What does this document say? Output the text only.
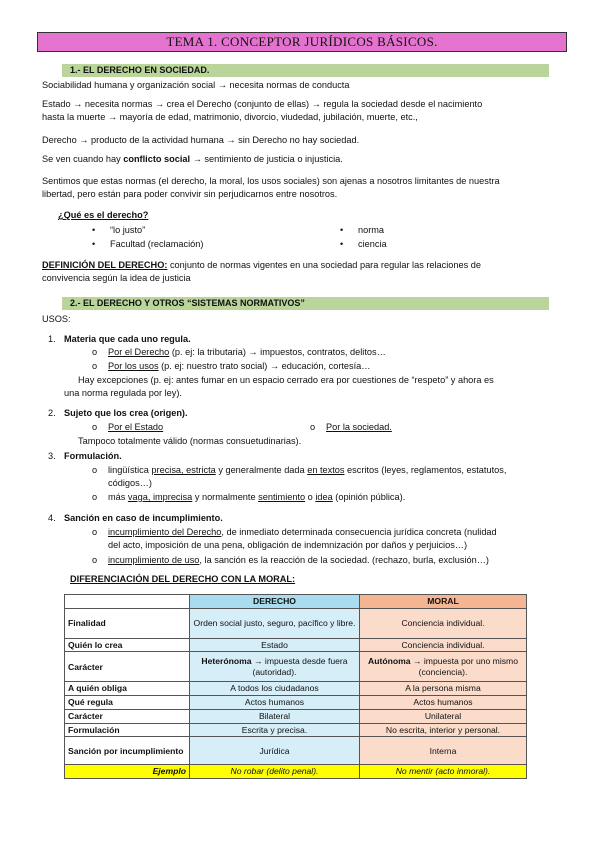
TEMA 1. CONCEPTOR JURÍDICOS BÁSICOS.
1.- EL DERECHO EN SOCIEDAD.
Sociabilidad humana y organización social → necesita normas de conducta
Estado → necesita normas → crea el Derecho (conjunto de ellas) → regula la sociedad desde el nacimiento
hasta la muerte → mayoría de edad, matrimonio, divorcio, viudedad, jubilación, muerte, etc.,
Derecho → producto de la actividad humana → sin Derecho no hay sociedad.
Se ven cuando hay conflicto social → sentimiento de justicia o injusticia.
Sentimos que estas normas (el derecho, la moral, los usos sociales) son ajenas a nosotros limitantes de nuestra
libertad, pero están para poder convivir sin perjudicarnos entre nosotros.
¿Qué es el derecho?
• “lo justo”
• Facultad (reclamación)
• norma
• ciencia
DEFINICIÓN DEL DERECHO: conjunto de normas vigentes en una sociedad para regular las relaciones de
convivencia según la idea de justicia
2.- EL DERECHO Y OTROS “SISTEMAS NORMATIVOS”
USOS:
1. Materia que cada uno regula.
o Por el Derecho (p. ej: la tributaria) → impuestos, contratos, delitos…
o Por los usos (p. ej: nuestro trato social) → educación, cortesía…
Hay excepciones (p. ej: antes fumar en un espacio cerrado era por cuestiones de “respeto” y ahora es
una norma regulada por ley).
2. Sujeto que los crea (origen).
o Por el Estado	o Por la sociedad.
Tampoco totalmente válido (normas consuetudinarias).
3. Formulación.
o lingüística precisa, estricta y generalmente dada en textos escritos (leyes, reglamentos, estatutos,
códigos…)
o más vaga, imprecisa y normalmente sentimiento o idea (opinión pública).
4. Sanción en caso de incumplimiento.
o incumplimiento del Derecho, de inmediato determinada consecuencia jurídica concreta (nulidad
del acto, imposición de una pena, obligación de indemnización por daños y perjuicios…)
o incumplimiento de uso, la sanción es la reacción de la sociedad. (rechazo, burla, exclusión…)
DIFERENCIACIÓN DEL DERECHO CON LA MORAL:
	DERECHO	MORAL
Finalidad	Orden social justo, seguro, pacífico y libre.	Conciencia individual.
Quién lo crea	Estado	Conciencia individual.
Carácter	Heterónoma → impuesta desde fuera (autoridad).	Autónoma → impuesta por uno mismo (conciencia).
A quién obliga	A todos los ciudadanos	A la persona misma
Qué regula	Actos humanos	Actos humanos
Carácter	Bilateral	Unilateral
Formulación	Escrita y precisa.	No escrita, interior y personal.
Sanción por incumplimiento	Jurídica	Interna
Ejemplo	No robar (delito penal).	No mentir (acto inmoral).
